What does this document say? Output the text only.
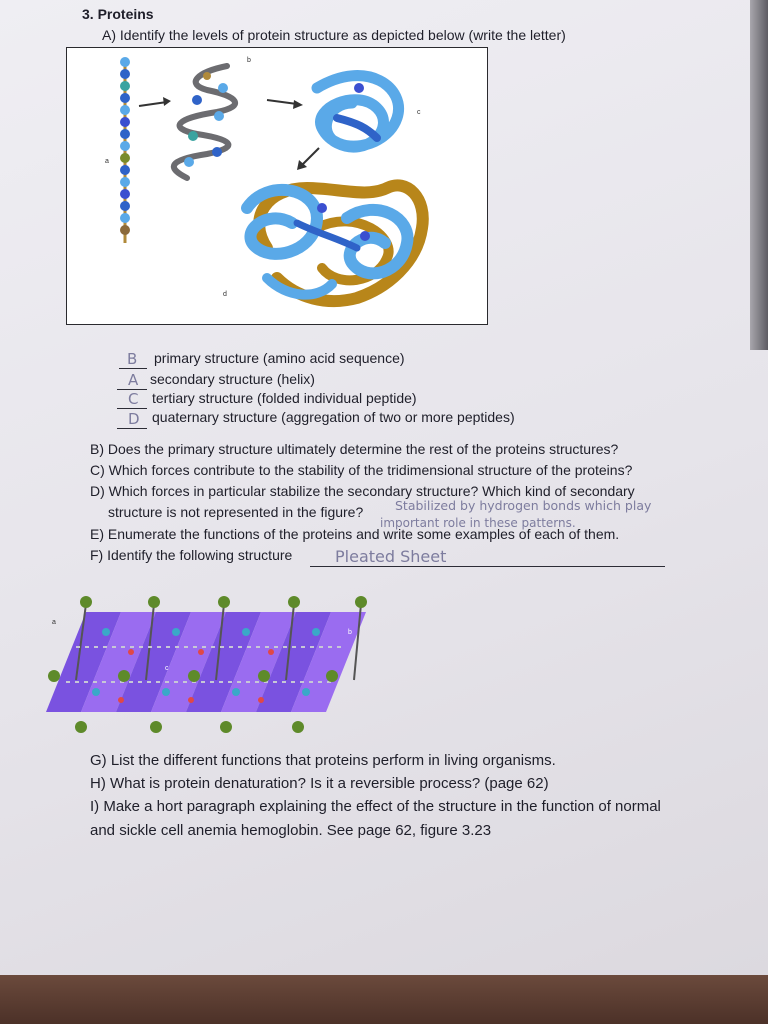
3. Proteins
A) Identify the levels of protein structure as depicted below (write the letter)
a
b
c
d
B primary structure (amino acid sequence)
A secondary structure (helix)
C tertiary structure (folded individual peptide)
D quaternary structure (aggregation of two or more peptides)
B) Does the primary structure ultimately determine the rest of the proteins structures?
C) Which forces contribute to the stability of the tridimensional structure of the proteins?
D) Which forces in particular stabilize the secondary structure? Which kind of secondary
structure is not represented in the figure?	Stabilized by hydrogen bonds which play
important role in these patterns.
E) Enumerate the functions of the proteins and write some examples of each of them.
F) Identify the following structure	Pleated Sheet
a
b
c
G) List the different functions that proteins perform in living organisms.
H) What is protein denaturation? Is it a reversible process? (page 62)
I) Make a hort paragraph explaining the effect of the structure in the function of normal
and sickle cell anemia hemoglobin. See page 62, figure 3.23
